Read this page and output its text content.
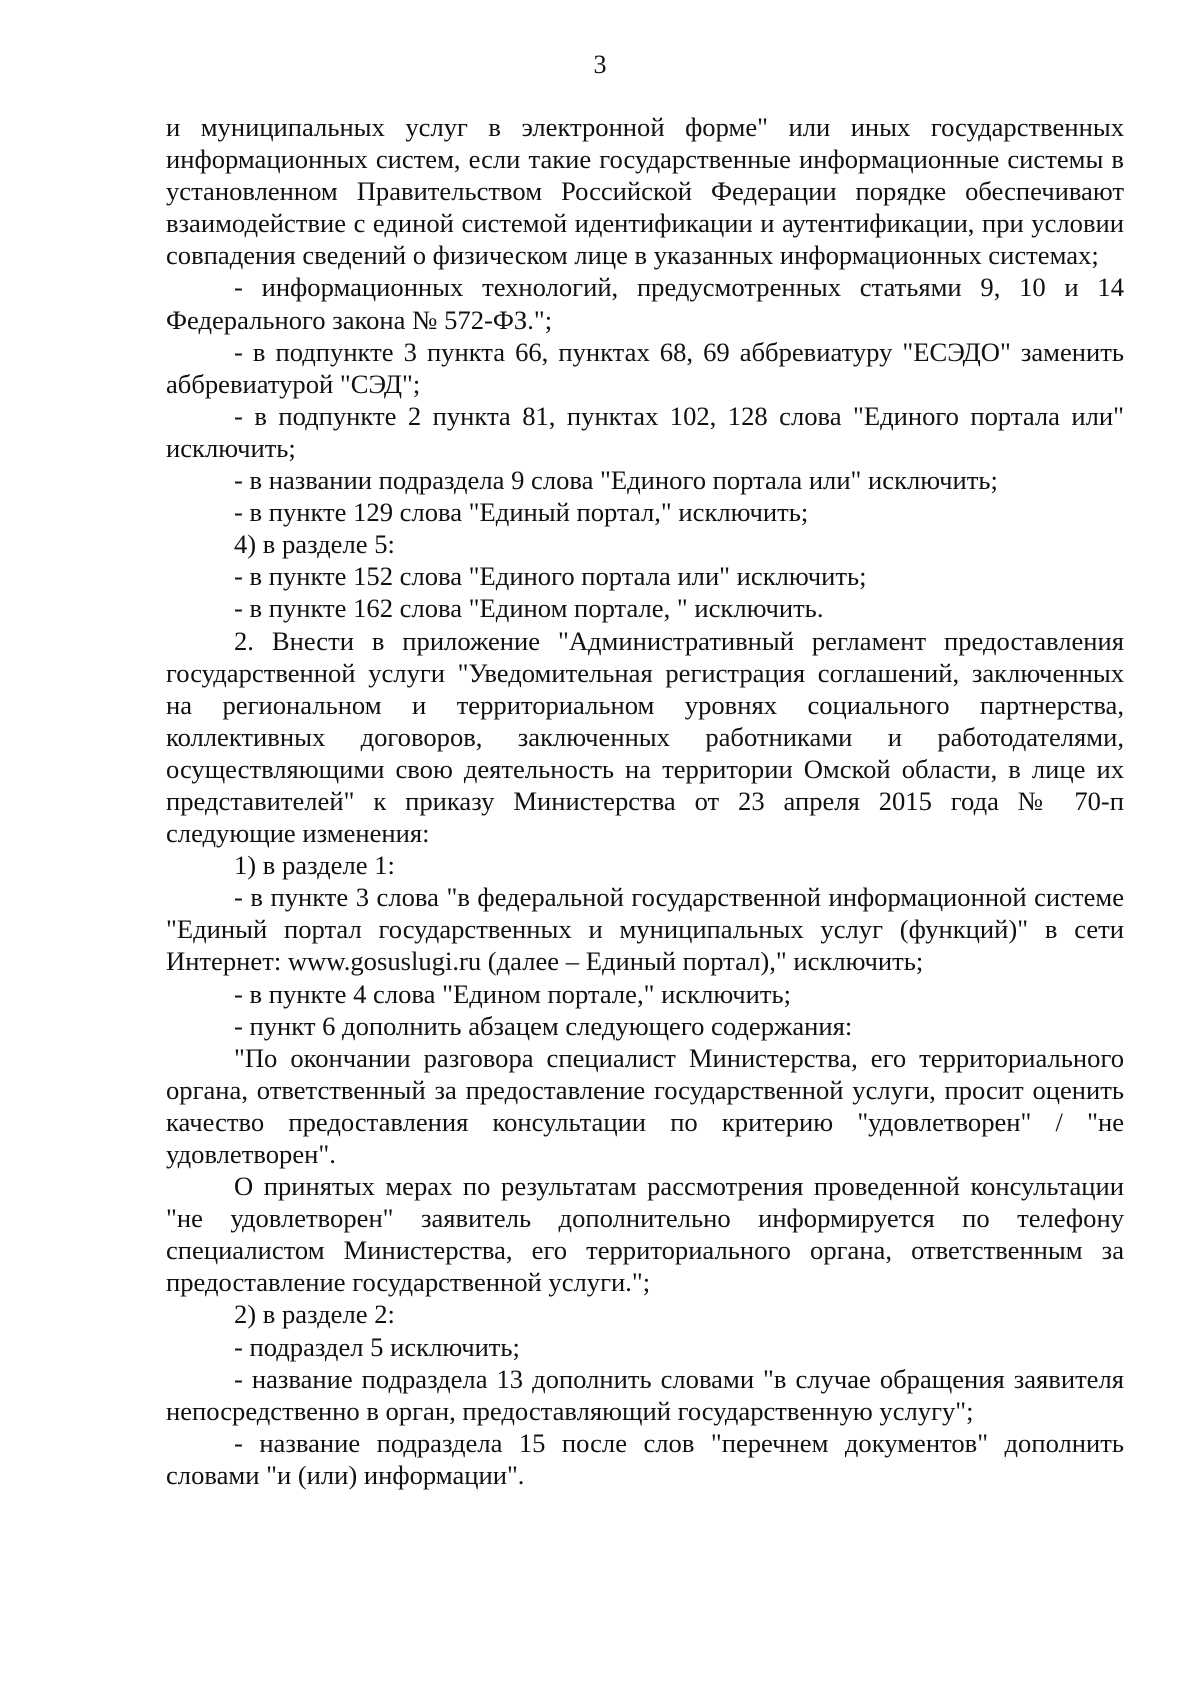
3

и муниципальных услуг в электронной форме" или иных государственных информационных систем, если такие государственные информационные системы в установленном Правительством Российской Федерации порядке обеспечивают взаимодействие с единой системой идентификации и аутентификации, при условии совпадения сведений о физическом лице в указанных информационных системах;

- информационных технологий, предусмотренных статьями 9, 10 и 14 Федерального закона № 572-ФЗ.";

- в подпункте 3 пункта 66, пунктах 68, 69 аббревиатуру "ЕСЭДО" заменить аббревиатурой "СЭД";

- в подпункте 2 пункта 81, пунктах 102, 128 слова "Единого портала или" исключить;

- в названии подраздела 9 слова "Единого портала или" исключить;

- в пункте 129 слова "Единый портал," исключить;

4) в разделе 5:

- в пункте 152 слова "Единого портала или" исключить;

- в пункте 162 слова "Едином портале, " исключить.

2. Внести в приложение "Административный регламент предоставления государственной услуги "Уведомительная регистрация соглашений, заключенных на региональном и территориальном уровнях социального партнерства, коллективных договоров, заключенных работниками и работодателями, осуществляющими свою деятельность на территории Омской области, в лице их представителей" к приказу Министерства от 23 апреля 2015 года № 70-п следующие изменения:

1) в разделе 1:

- в пункте 3 слова "в федеральной государственной информационной системе "Единый портал государственных и муниципальных услуг (функций)" в сети Интернет: www.gosuslugi.ru (далее – Единый портал)," исключить;

- в пункте 4 слова "Едином портале," исключить;

- пункт 6 дополнить абзацем следующего содержания:

"По окончании разговора специалист Министерства, его территориального органа, ответственный за предоставление государственной услуги, просит оценить качество предоставления консультации по критерию "удовлетворен" / "не удовлетворен".

О принятых мерах по результатам рассмотрения проведенной консультации "не удовлетворен" заявитель дополнительно информируется по телефону специалистом Министерства, его территориального органа, ответственным за предоставление государственной услуги.";

2) в разделе 2:

- подраздел 5 исключить;

- название подраздела 13 дополнить словами "в случае обращения заявителя непосредственно в орган, предоставляющий государственную услугу";

- название подраздела 15 после слов "перечнем документов" дополнить словами "и (или) информации".
